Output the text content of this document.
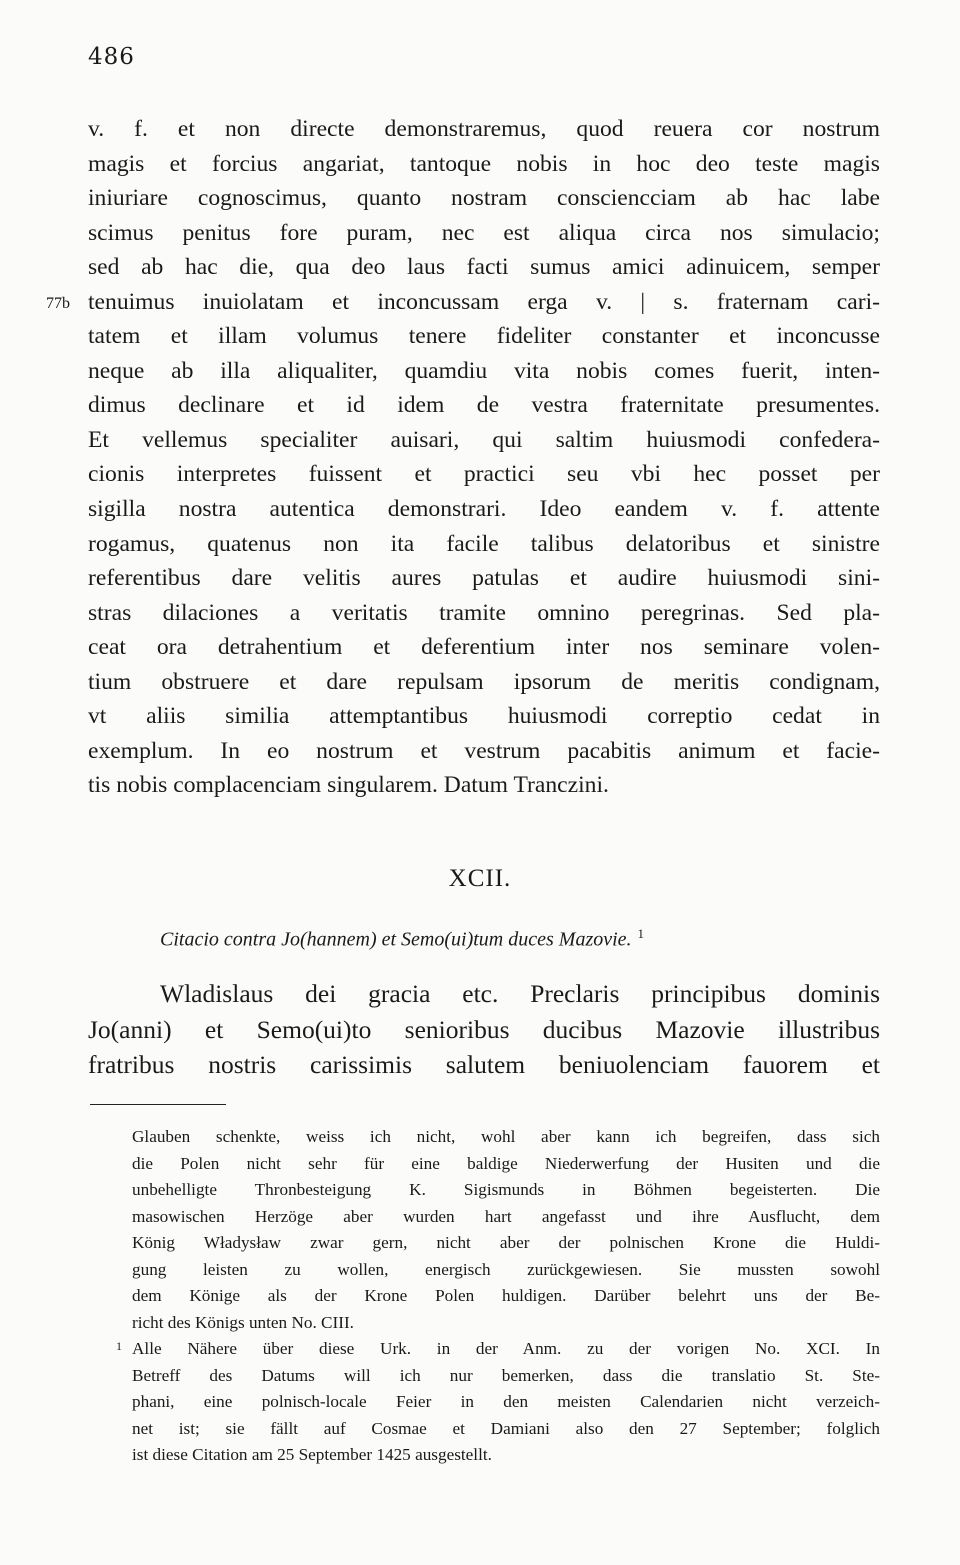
486
v. f. et non directe demonstraremus, quod reuera cor nostrum
magis et forcius angariat, tantoque nobis in hoc deo teste magis
iniuriare cognoscimus, quanto nostram consciencciam ab hac labe
scimus penitus fore puram, nec est aliqua circa nos simulacio;
sed ab hac die, qua deo laus facti sumus amici adinuicem, semper
77b tenuimus inuiolatam et inconcussam erga v. | s. fraternam cari-
tatem et illam volumus tenere fideliter constanter et inconcusse
neque ab illa aliqualiter, quamdiu vita nobis comes fuerit, inten-
dimus declinare et id idem de vestra fraternitate presumentes.
Et vellemus specialiter auisari, qui saltim huiusmodi confedera-
cionis interpretes fuissent et practici seu vbi hec posset per
sigilla nostra autentica demonstrari. Ideo eandem v. f. attente
rogamus, quatenus non ita facile talibus delatoribus et sinistre
referentibus dare velitis aures patulas et audire huiusmodi sini-
stras dilaciones a veritatis tramite omnino peregrinas. Sed pla-
ceat ora detrahentium et deferentium inter nos seminare volen-
tium obstruere et dare repulsam ipsorum de meritis condignam,
vt aliis similia attemptantibus huiusmodi correptio cedat in
exemplum. In eo nostrum et vestrum pacabitis animum et facie-
tis nobis complacenciam singularem. Datum Tranczini.
XCII.
Citacio contra Jo(hannem) et Semo(ui)tum duces Mazovie. $^1$
Wladislaus dei gracia etc. Preclaris principibus dominis
Jo(anni) et Semo(ui)to senioribus ducibus Mazovie illustribus
fratribus nostris carissimis salutem beniuolenciam fauorem et
Glauben schenkte, weiss ich nicht, wohl aber kann ich begreifen, dass sich
die Polen nicht sehr für eine baldige Niederwerfung der Husiten und die
unbehelligte Thronbesteigung K. Sigismunds in Böhmen begeisterten. Die
masowischen Herzöge aber wurden hart angefasst und ihre Ausflucht, dem
König Władysław zwar gern, nicht aber der polnischen Krone die Huldi-
gung leisten zu wollen, energisch zurückgewiesen. Sie mussten sowohl
dem Könige als der Krone Polen huldigen. Darüber belehrt uns der Be-
richt des Königs unten No. CIII.
1 Alle Nähere über diese Urk. in der Anm. zu der vorigen No. XCI. In
Betreff des Datums will ich nur bemerken, dass die translatio St. Ste-
phani, eine polnisch-locale Feier in den meisten Calendarien nicht verzeich-
net ist; sie fällt auf Cosmae et Damiani also den 27 September; folglich
ist diese Citation am 25 September 1425 ausgestellt.
